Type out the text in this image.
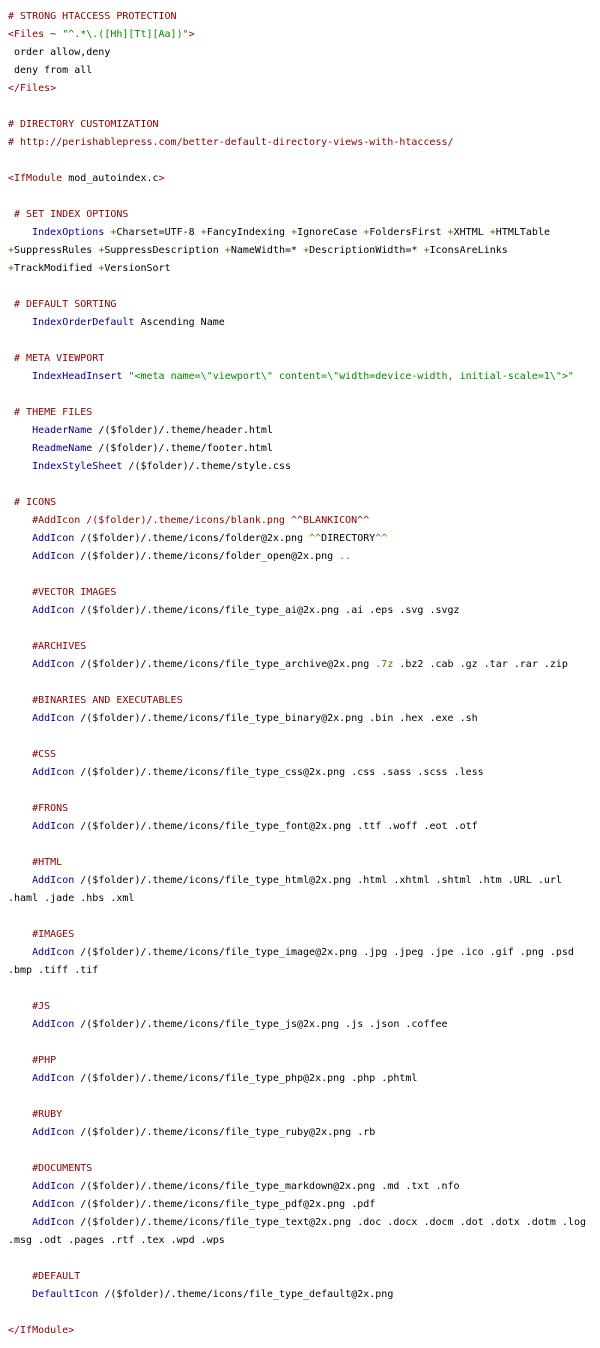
# STRONG HTACCESS PROTECTION
<Files ~ "^.*\.([Hh][Tt][Aa])">
order allow,deny
deny from all
</Files>
# DIRECTORY CUSTOMIZATION
# http://perishablepress.com/better-default-directory-views-with-htaccess/
<IfModule mod_autoindex.c>
# SET INDEX OPTIONS
IndexOptions +Charset=UTF-8 +FancyIndexing +IgnoreCase +FoldersFirst +XHTML +HTMLTable
+SuppressRules +SuppressDescription +NameWidth=* +DescriptionWidth=* +IconsAreLinks
+TrackModified +VersionSort
# DEFAULT SORTING
IndexOrderDefault Ascending Name
# META VIEWPORT
IndexHeadInsert "<meta name=\"viewport\" content=\"width=device-width, initial-scale=1\">"
# THEME FILES
HeaderName /($folder)/.theme/header.html
ReadmeName /($folder)/.theme/footer.html
IndexStyleSheet /($folder)/.theme/style.css
# ICONS
#AddIcon /($folder)/.theme/icons/blank.png ^^BLANKICON^^
AddIcon /($folder)/.theme/icons/folder@2x.png ^^DIRECTORY^^
AddIcon /($folder)/.theme/icons/folder_open@2x.png ..
#VECTOR IMAGES
AddIcon /($folder)/.theme/icons/file_type_ai@2x.png .ai .eps .svg .svgz
#ARCHIVES
AddIcon /($folder)/.theme/icons/file_type_archive@2x.png .7z .bz2 .cab .gz .tar .rar .zip
#BINARIES AND EXECUTABLES
AddIcon /($folder)/.theme/icons/file_type_binary@2x.png .bin .hex .exe .sh
#CSS
AddIcon /($folder)/.theme/icons/file_type_css@2x.png .css .sass .scss .less
#FRONS
AddIcon /($folder)/.theme/icons/file_type_font@2x.png .ttf .woff .eot .otf
#HTML
AddIcon /($folder)/.theme/icons/file_type_html@2x.png .html .xhtml .shtml .htm .URL .url
.haml .jade .hbs .xml
#IMAGES
AddIcon /($folder)/.theme/icons/file_type_image@2x.png .jpg .jpeg .jpe .ico .gif .png .psd
.bmp .tiff .tif
#JS
AddIcon /($folder)/.theme/icons/file_type_js@2x.png .js .json .coffee
#PHP
AddIcon /($folder)/.theme/icons/file_type_php@2x.png .php .phtml
#RUBY
AddIcon /($folder)/.theme/icons/file_type_ruby@2x.png .rb
#DOCUMENTS
AddIcon /($folder)/.theme/icons/file_type_markdown@2x.png .md .txt .nfo
AddIcon /($folder)/.theme/icons/file_type_pdf@2x.png .pdf
AddIcon /($folder)/.theme/icons/file_type_text@2x.png .doc .docx .docm .dot .dotx .dotm .log
.msg .odt .pages .rtf .tex .wpd .wps
#DEFAULT
DefaultIcon /($folder)/.theme/icons/file_type_default@2x.png
</IfModule>
